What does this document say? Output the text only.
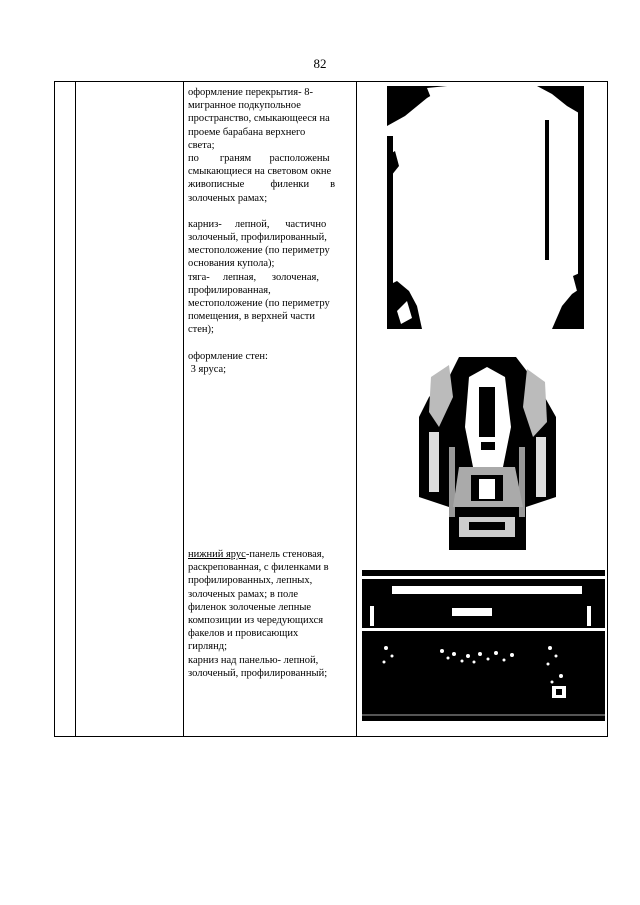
82

оформление перекрытия- 8-
мигранное подкупольное
пространство, смыкающееся на
проеме барабана верхнего
света;

по        граням       расположены
смыкающиеся на световом окне
живописные          филенки        в
золоченых рамах;

карниз-     лепной,      частично
золоченый, профилированный,
местоположение (по периметру
основания купола);

тяга-     лепная,      золоченая,
профилированная,
местоположение (по периметру
помещения, в верхней части
стен);

оформление стен:
3 яруса;

нижний ярус-панель стеновая,
раскрепованная, с филенками в
профилированных, лепных,
золоченых рамах; в поле
филенок золоченые лепные
композиции из чередующихся
факелов и провисающих
гирлянд;
карниз над панелью- лепной,
золоченый, профилированный;
